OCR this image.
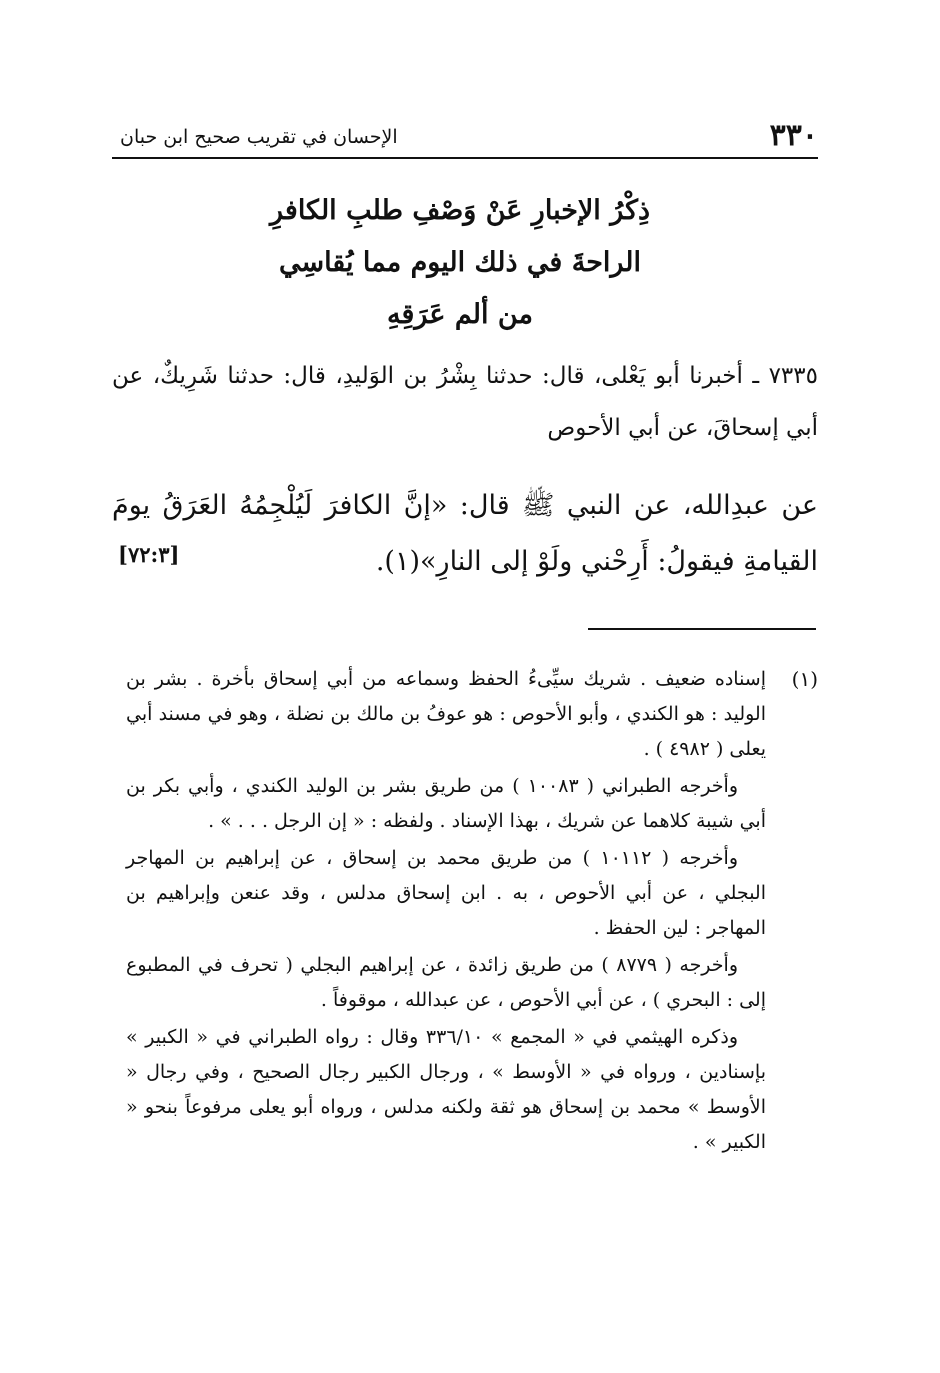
٣٣٠
الإحسان في تقريب صحيح ابن حبان
ذِكْرُ الإخبارِ عَنْ وَصْفِ طلبِ الكافرِ
الراحةَ في ذلك اليوم مما يُقاسِي
من ألم عَرَقِهِ
٧٣٣٥ ـ أخبرنا أبو يَعْلى، قال: حدثنا بِشْرُ بن الوَليدِ، قال: حدثنا شَرِيكٌ، عن أبي إسحاقَ، عن أبي الأحوص
عن عبدِالله، عن النبي ﷺ قال: «إنَّ الكافرَ لَيُلْجِمُهُ العَرَقُ يومَ القيامةِ فيقولُ: أَرِحْني ولَوْ إلى النارِ»(١).
[٧٢:٣]
(١)

إسناده ضعيف . شريك سيِّىءُ الحفظ وسماعه من أبي إسحاق بأخرة . بشر بن الوليد : هو الكندي ، وأبو الأحوص : هو عوفُ بن مالك بن نضلة ، وهو في مسند أبي يعلى ( ٤٩٨٢ ) .

وأخرجه الطبراني ( ١٠٠٨٣ ) من طريق بشر بن الوليد الكندي ، وأبي بكر بن أبي شيبة كلاهما عن شريك ، بهذا الإسناد . ولفظه : « إن الرجل . . . » .

وأخرجه ( ١٠١١٢ ) من طريق محمد بن إسحاق ، عن إبراهيم بن المهاجر البجلي ، عن أبي الأحوص ، به . ابن إسحاق مدلس ، وقد عنعن وإبراهيم بن المهاجر : لين الحفظ .

وأخرجه ( ٨٧٧٩ ) من طريق زائدة ، عن إبراهيم البجلي ( تحرف في المطبوع إلى : البحري ) ، عن أبي الأحوص ، عن عبدالله ، موقوفاً .

وذكره الهيثمي في « المجمع » ٣٣٦/١٠ وقال : رواه الطبراني في « الكبير » بإسنادين ، ورواه في « الأوسط » ، ورجال الكبير رجال الصحيح ، وفي رجال « الأوسط » محمد بن إسحاق هو ثقة ولكنه مدلس ، ورواه أبو يعلى مرفوعاً بنحو « الكبير » .
